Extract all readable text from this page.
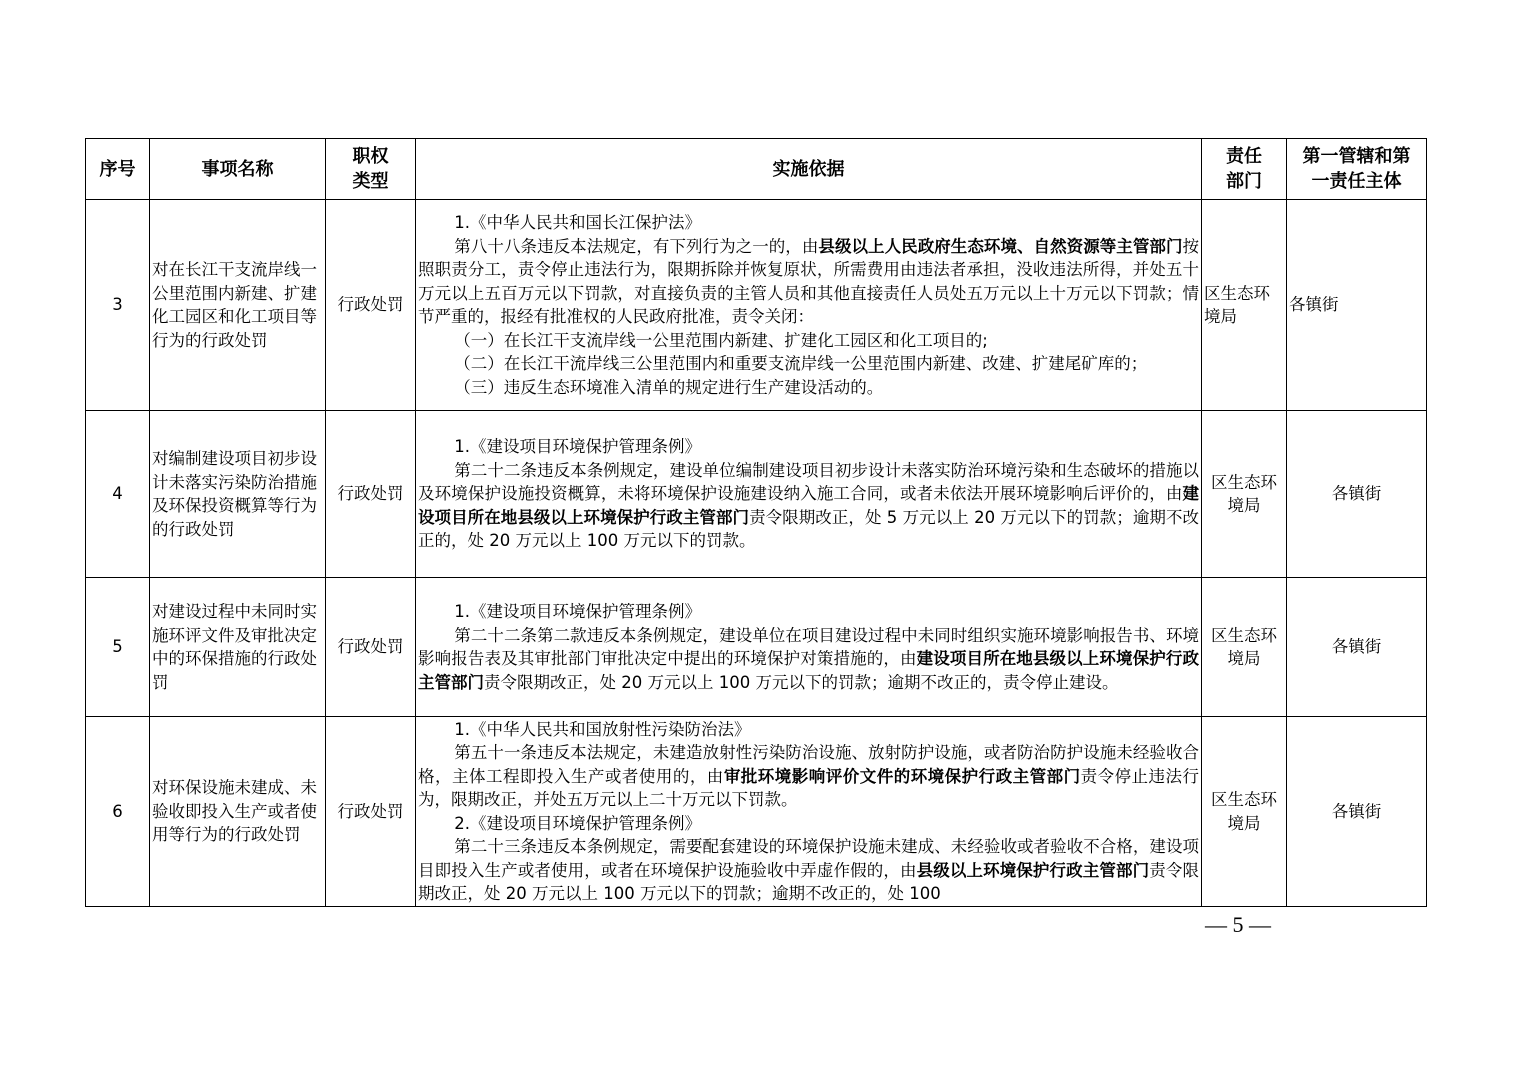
序号	事项名称	职权类型	实施依据	责任部门	第一管辖和第一责任主体
3	对在长江干支流岸线一公里范围内新建、扩建化工园区和化工项目等行为的行政处罚	行政处罚	1.《中华人民共和国长江保护法》
第八十八条违反本法规定，有下列行为之一的，由县级以上人民政府生态环境、自然资源等主管部门按照职责分工，责令停止违法行为，限期拆除并恢复原状，所需费用由违法者承担，没收违法所得，并处五十万元以上五百万元以下罚款，对直接负责的主管人员和其他直接责任人员处五万元以上十万元以下罚款；情节严重的，报经有批准权的人民政府批准，责令关闭：
（一）在长江干支流岸线一公里范围内新建、扩建化工园区和化工项目的;
（二）在长江干流岸线三公里范围内和重要支流岸线一公里范围内新建、改建、扩建尾矿库的；
（三）违反生态环境准入清单的规定进行生产建设活动的。	区生态环境局	各镇街
4	对编制建设项目初步设计未落实污染防治措施及环保投资概算等行为的行政处罚	行政处罚	1.《建设项目环境保护管理条例》
第二十二条违反本条例规定，建设单位编制建设项目初步设计未落实防治环境污染和生态破坏的措施以及环境保护设施投资概算，未将环境保护设施建设纳入施工合同，或者未依法开展环境影响后评价的，由建设项目所在地县级以上环境保护行政主管部门责令限期改正，处 5 万元以上 20 万元以下的罚款；逾期不改正的，处 20 万元以上 100 万元以下的罚款。	区生态环境局	各镇街
5	对建设过程中未同时实施环评文件及审批决定中的环保措施的行政处罚	行政处罚	1.《建设项目环境保护管理条例》
第二十二条第二款违反本条例规定，建设单位在项目建设过程中未同时组织实施环境影响报告书、环境影响报告表及其审批部门审批决定中提出的环境保护对策措施的，由建设项目所在地县级以上环境保护行政主管部门责令限期改正，处 20 万元以上 100 万元以下的罚款；逾期不改正的，责令停止建设。	区生态环境局	各镇街
6	对环保设施未建成、未验收即投入生产或者使用等行为的行政处罚	行政处罚	1.《中华人民共和国放射性污染防治法》
第五十一条违反本法规定，未建造放射性污染防治设施、放射防护设施，或者防治防护设施未经验收合格，主体工程即投入生产或者使用的，由审批环境影响评价文件的环境保护行政主管部门责令停止违法行为，限期改正，并处五万元以上二十万元以下罚款。
2.《建设项目环境保护管理条例》
第二十三条违反本条例规定，需要配套建设的环境保护设施未建成、未经验收或者验收不合格，建设项目即投入生产或者使用，或者在环境保护设施验收中弄虚作假的，由县级以上环境保护行政主管部门责令限期改正，处 20 万元以上 100 万元以下的罚款；逾期不改正的，处 100	区生态环境局	各镇街
— 5 —
